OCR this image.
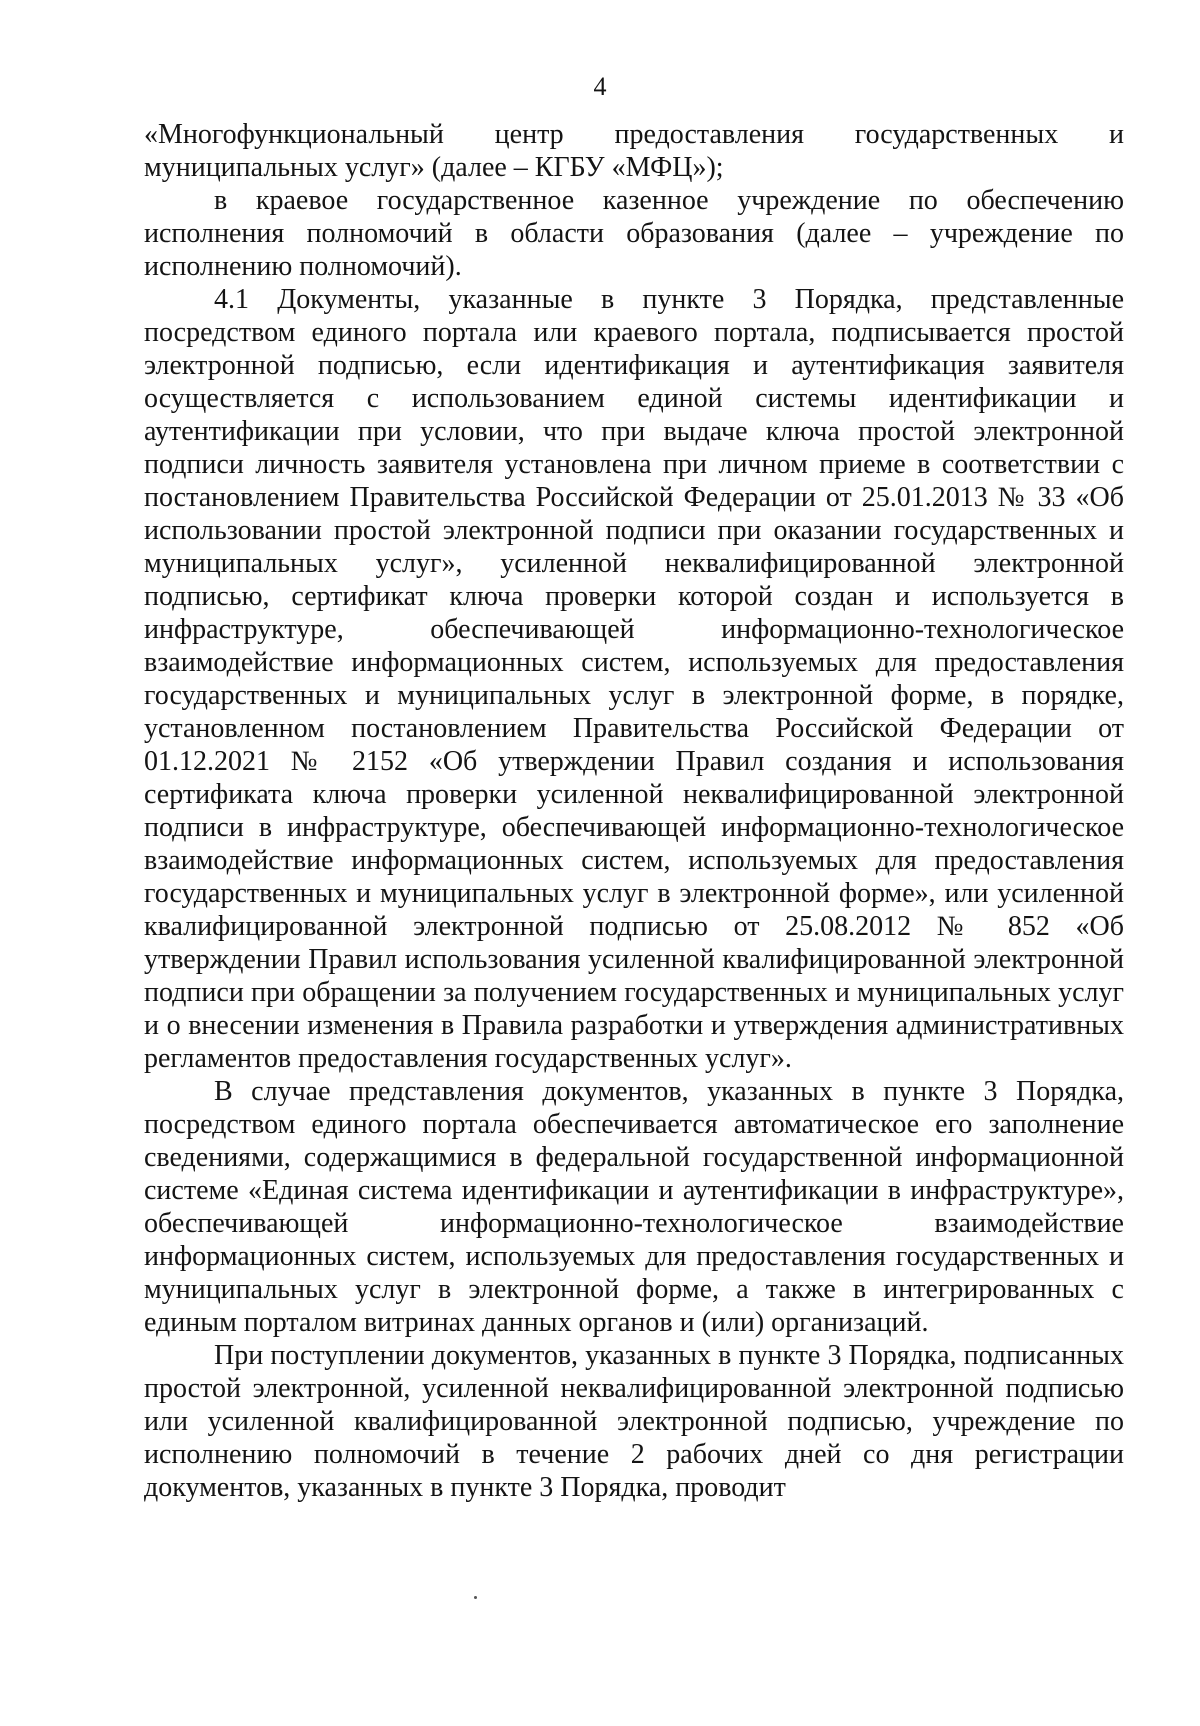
4

«Многофункциональный центр предоставления государственных и муниципальных услуг» (далее – КГБУ «МФЦ»);

в краевое государственное казенное учреждение по обеспечению исполнения полномочий в области образования (далее – учреждение по исполнению полномочий).

4.1 Документы, указанные в пункте 3 Порядка, представленные посредством единого портала или краевого портала, подписывается простой электронной подписью, если идентификация и аутентификация заявителя осуществляется с использованием единой системы идентификации и аутентификации при условии, что при выдаче ключа простой электронной подписи личность заявителя установлена при личном приеме в соответствии с постановлением Правительства Российской Федерации от 25.01.2013 № 33 «Об использовании простой электронной подписи при оказании государственных и муниципальных услуг», усиленной неквалифицированной электронной подписью, сертификат ключа проверки которой создан и используется в инфраструктуре, обеспечивающей информационно-технологическое взаимодействие информационных систем, используемых для предоставления государственных и муниципальных услуг в электронной форме, в порядке, установленном постановлением Правительства Российской Федерации от 01.12.2021 № 2152 «Об утверждении Правил создания и использования сертификата ключа проверки усиленной неквалифицированной электронной подписи в инфраструктуре, обеспечивающей информационно-технологическое взаимодействие информационных систем, используемых для предоставления государственных и муниципальных услуг в электронной форме», или усиленной квалифицированной электронной подписью от 25.08.2012 № 852 «Об утверждении Правил использования усиленной квалифицированной электронной подписи при обращении за получением государственных и муниципальных услуг и о внесении изменения в Правила разработки и утверждения административных регламентов предоставления государственных услуг».

В случае представления документов, указанных в пункте 3 Порядка, посредством единого портала обеспечивается автоматическое его заполнение сведениями, содержащимися в федеральной государственной информационной системе «Единая система идентификации и аутентификации в инфраструктуре», обеспечивающей информационно-технологическое взаимодействие информационных систем, используемых для предоставления государственных и муниципальных услуг в электронной форме, а также в интегрированных с единым порталом витринах данных органов и (или) организаций.

При поступлении документов, указанных в пункте 3 Порядка, подписанных простой электронной, усиленной неквалифицированной электронной подписью или усиленной квалифицированной электронной подписью, учреждение по исполнению полномочий в течение 2 рабочих дней со дня регистрации документов, указанных в пункте 3 Порядка, проводит
